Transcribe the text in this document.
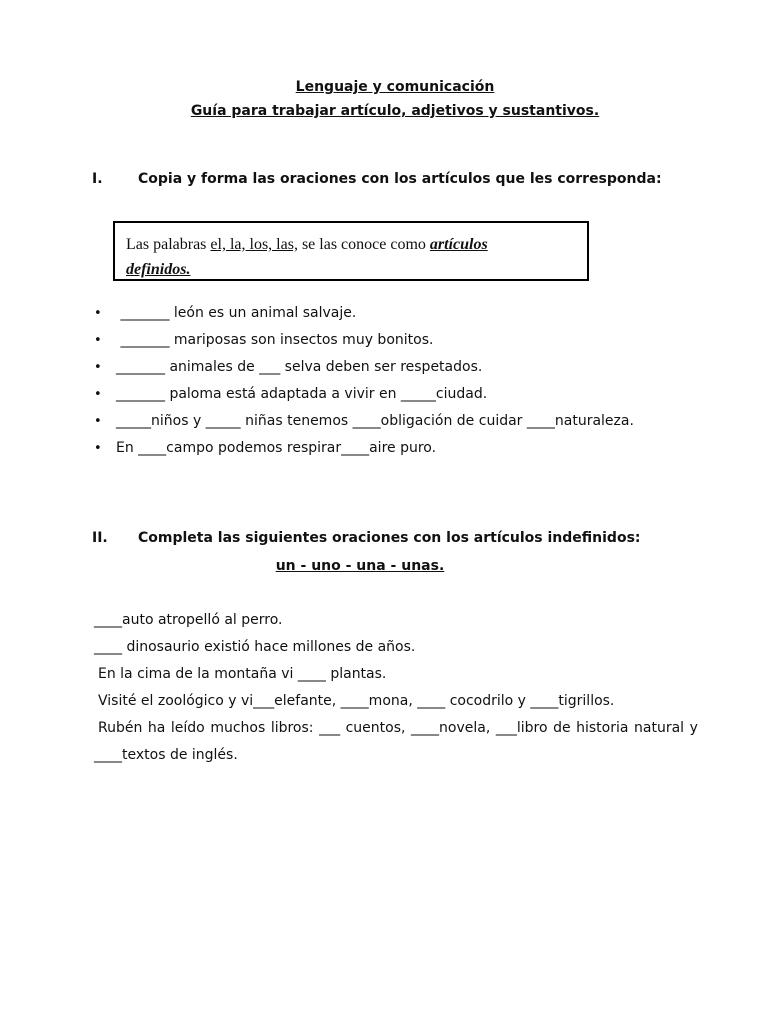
Lenguaje y comunicación
Guía para trabajar artículo, adjetivos y sustantivos.
I.	Copia y forma las oraciones con los artículos que les corresponda:
Las palabras el, la, los, las, se las conoce como artículos
definidos.
• _______ león es un animal salvaje.
• _______ mariposas son insectos muy bonitos.
• _______ animales de ___ selva deben ser respetados.
• _______ paloma está adaptada a vivir en _____ciudad.
• _____niños y _____ niñas tenemos ____obligación de cuidar ____naturaleza.
• En ____campo podemos respirar____aire puro.
II. Completa las siguientes oraciones con los artículos indefinidos:
un - uno - una - unas.
____auto atropelló al perro.
____ dinosaurio existió hace millones de años.
En la cima de la montaña vi ____ plantas.
Visité el zoológico y vi___elefante, ____mona, ____ cocodrilo y ____tigrillos.
Rubén ha leído muchos libros: ___ cuentos, ____novela, ___libro de historia natural y
____textos de inglés.
